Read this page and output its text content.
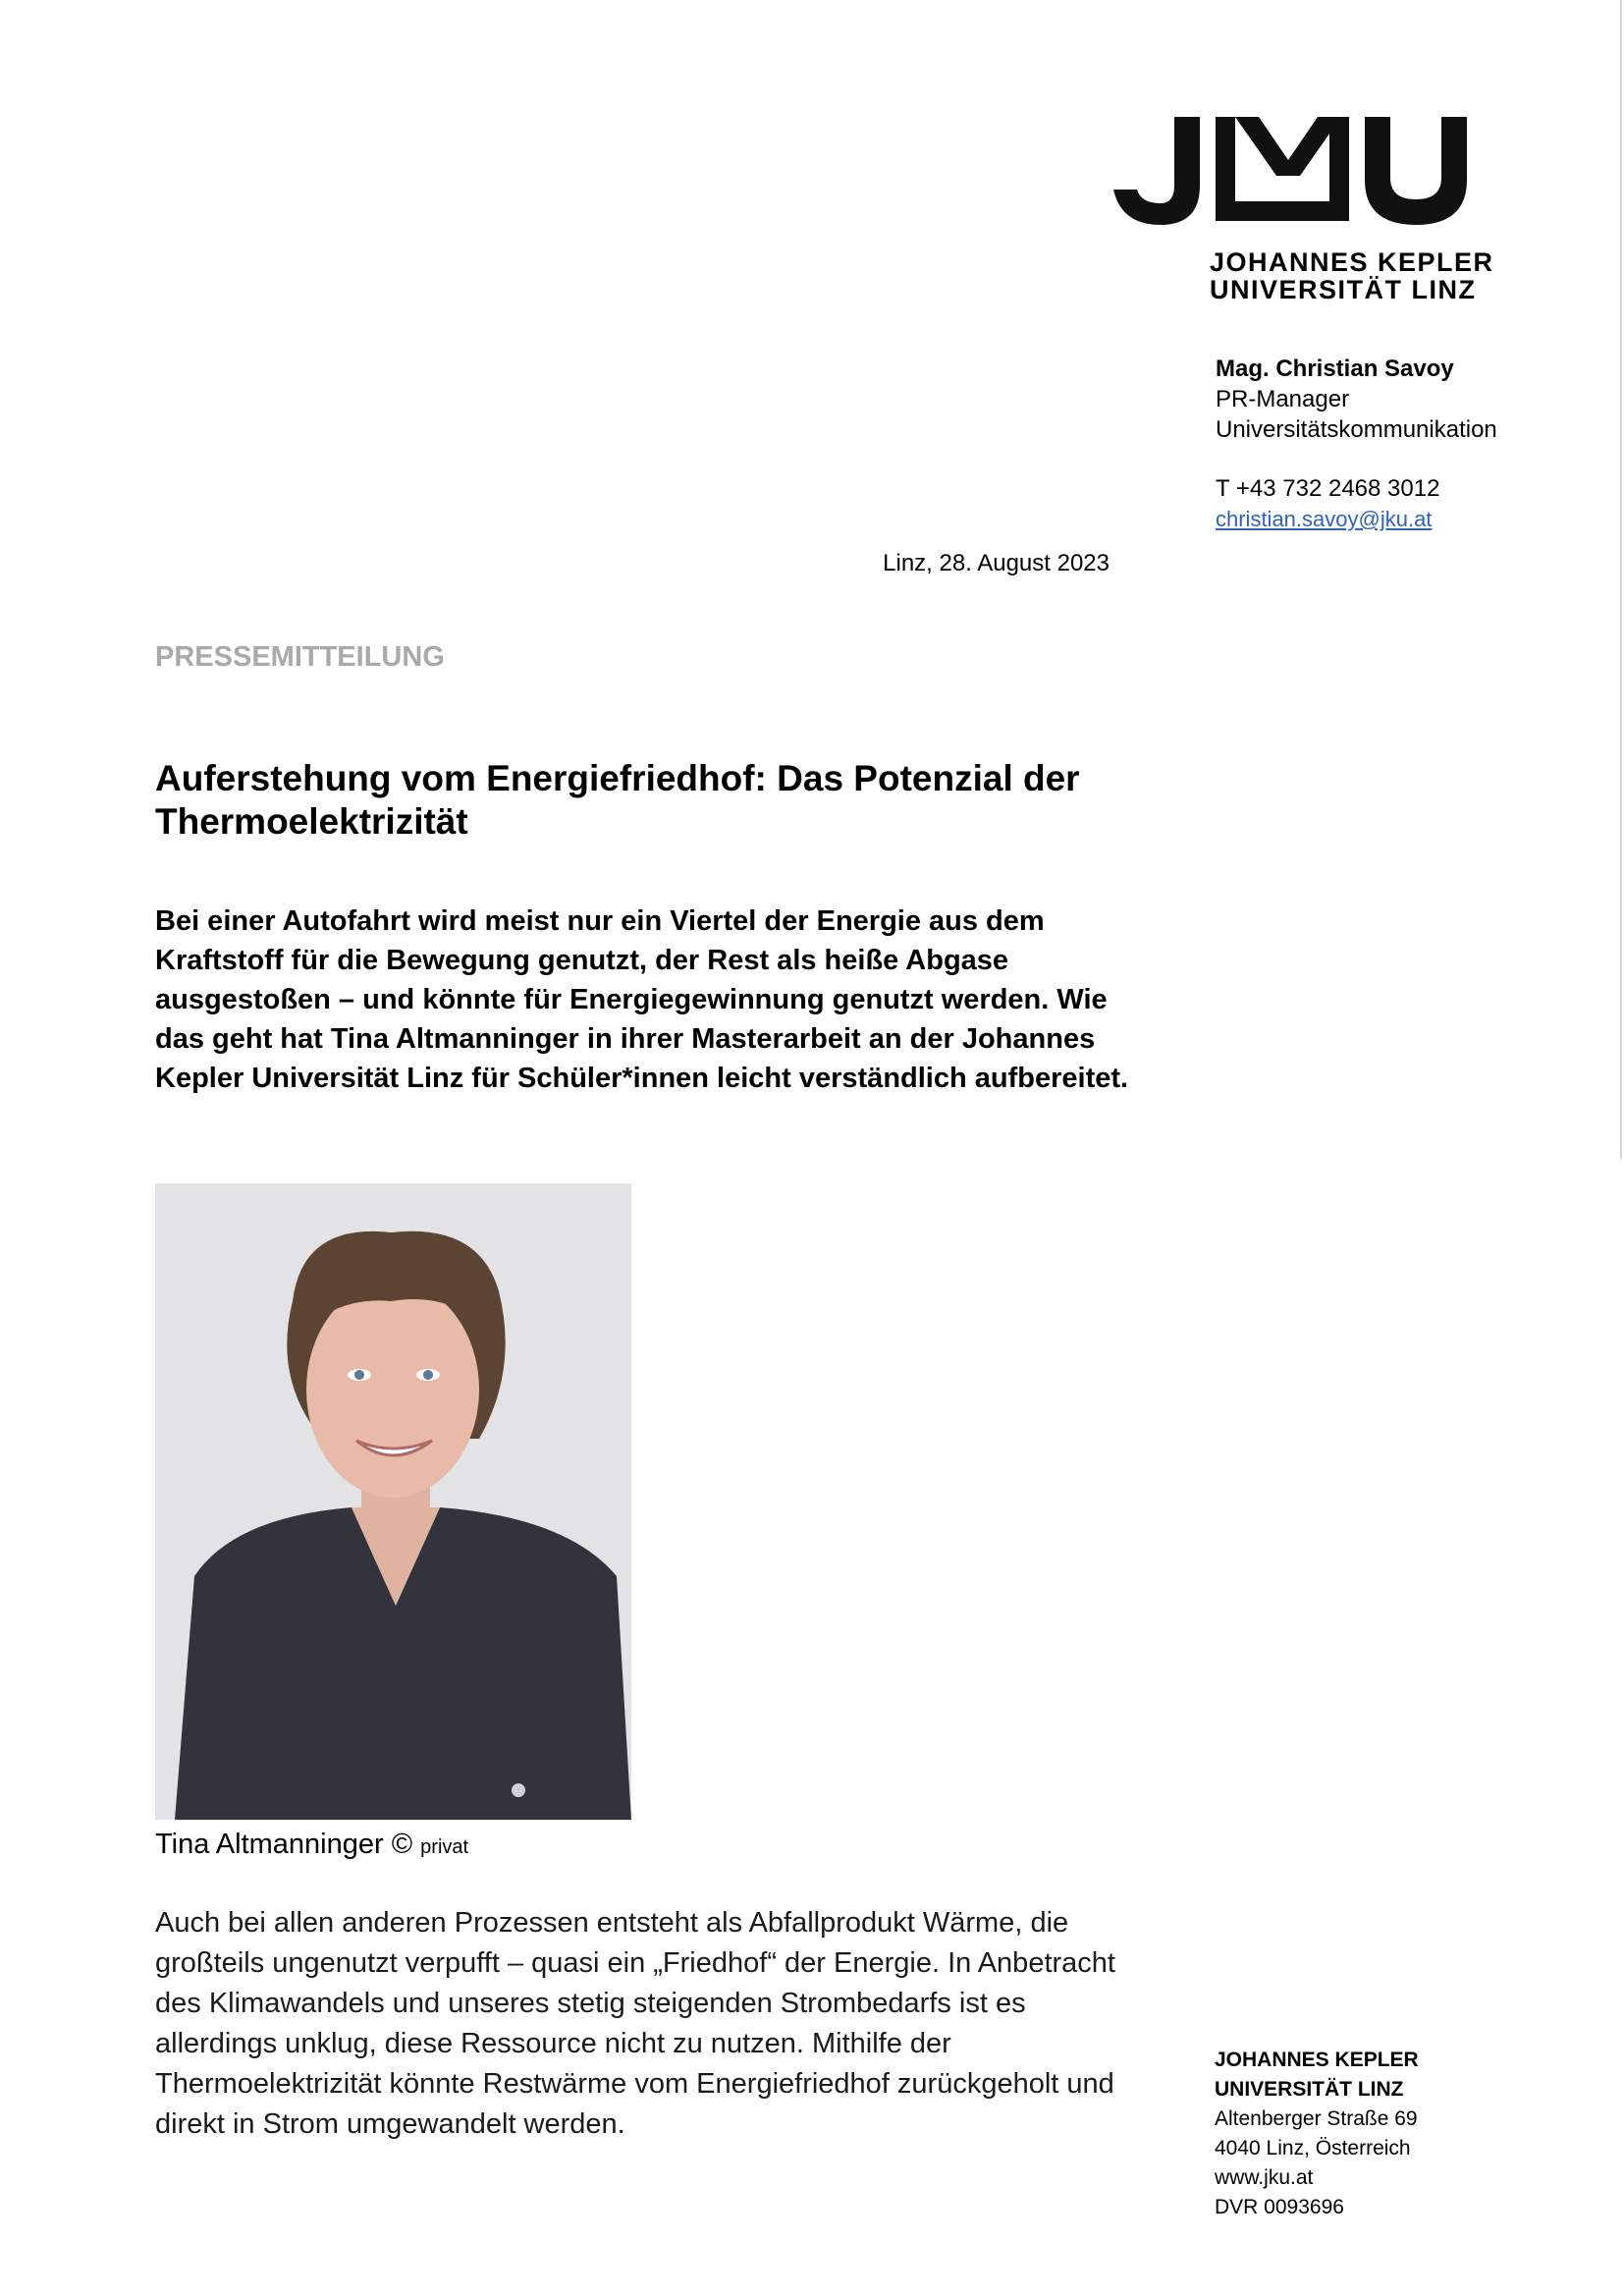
JOHANNES KEPLER
UNIVERSITÄT LINZ
Mag. Christian Savoy
PR-Manager
Universitätskommunikation
T +43 732 2468 3012
christian.savoy@jku.at
Linz, 28. August 2023
PRESSEMITTEILUNG
Auferstehung vom Energiefriedhof: Das Potenzial der Thermoelektrizität

Bei einer Autofahrt wird meist nur ein Viertel der Energie aus dem Kraftstoff für die Bewegung genutzt, der Rest als heiße Abgase ausgestoßen – und könnte für Energiegewinnung genutzt werden. Wie das geht hat Tina Altmanninger in ihrer Masterarbeit an der Johannes Kepler Universität Linz für Schüler*innen leicht verständlich aufbereitet.

Tina Altmanninger © privat

Auch bei allen anderen Prozessen entsteht als Abfallprodukt Wärme, die großteils ungenutzt verpufft – quasi ein „Friedhof“ der Energie. In Anbetracht des Klimawandels und unseres stetig steigenden Strombedarfs ist es allerdings unklug, diese Ressource nicht zu nutzen. Mithilfe der Thermoelektrizität könnte Restwärme vom Energiefriedhof zurückgeholt und direkt in Strom umgewandelt werden.

JOHANNES KEPLER
UNIVERSITÄT LINZ
Altenberger Straße 69
4040 Linz, Österreich
www.jku.at
DVR 0093696
